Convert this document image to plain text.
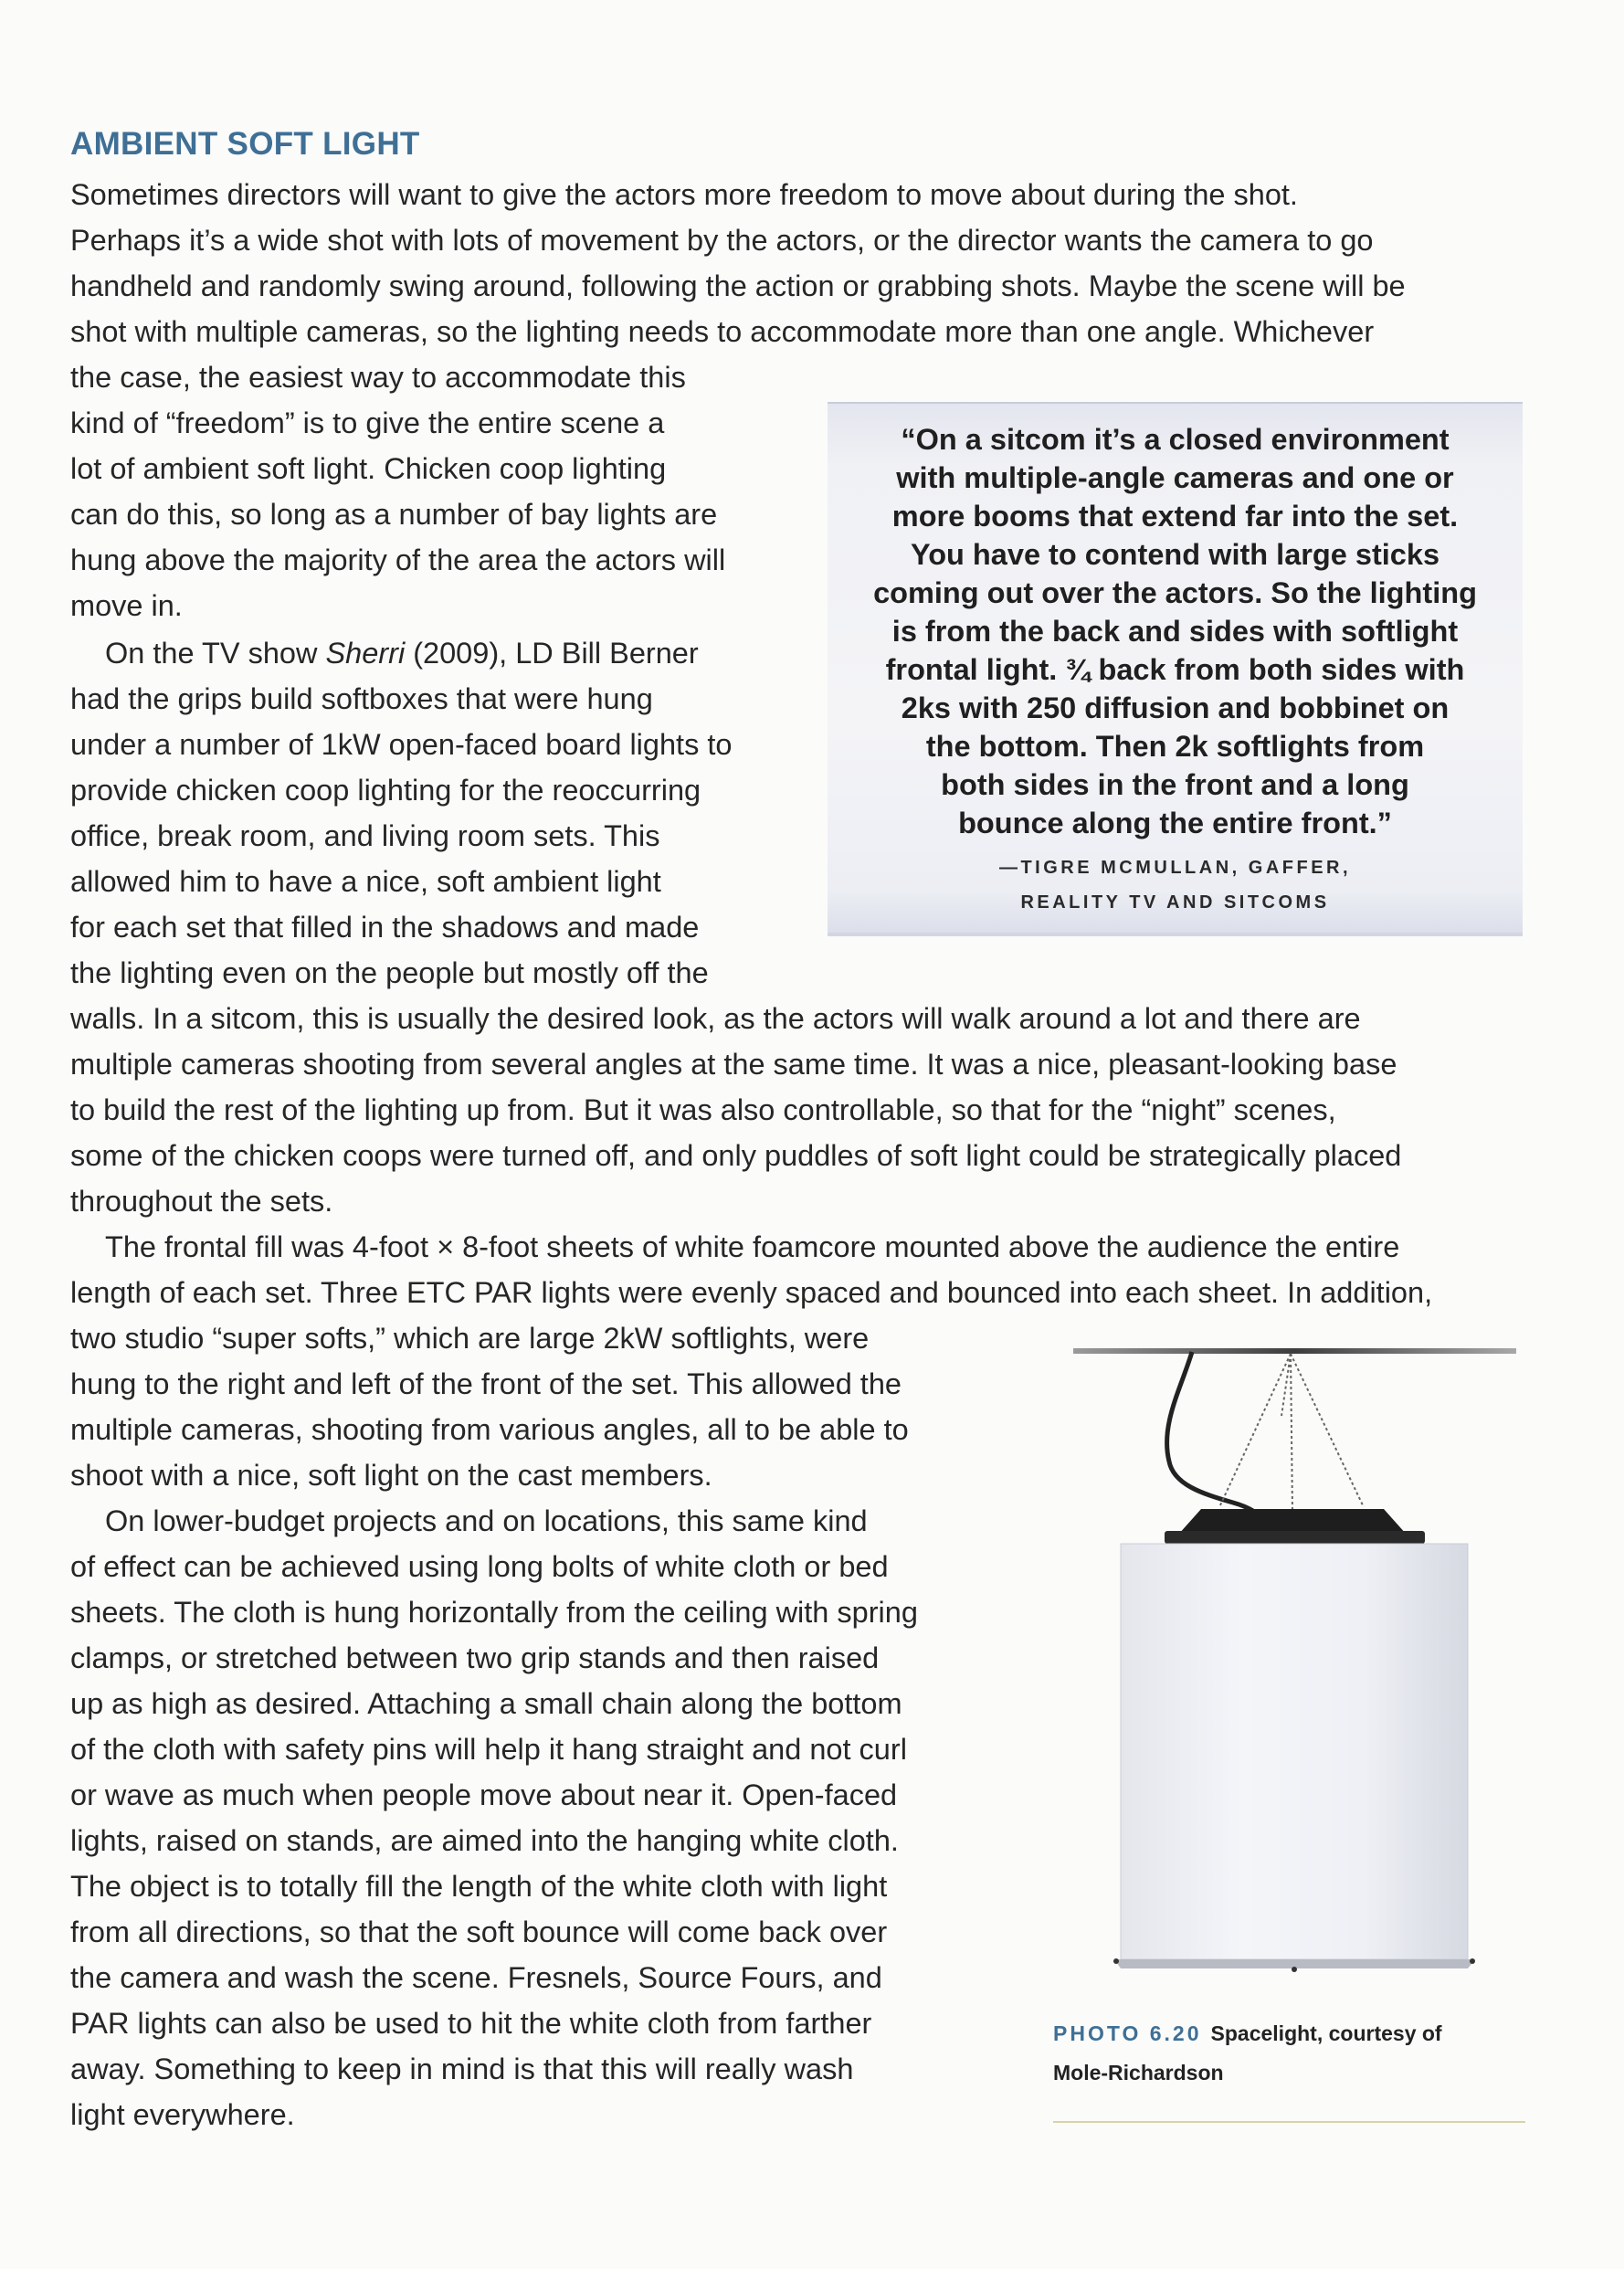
AMBIENT SOFT LIGHT
Sometimes directors will want to give the actors more freedom to move about during the shot.
Perhaps it’s a wide shot with lots of movement by the actors, or the director wants the camera to go
handheld and randomly swing around, following the action or grabbing shots. Maybe the scene will be
shot with multiple cameras, so the lighting needs to accommodate more than one angle. Whichever
the case, the easiest way to accommodate this
kind of “freedom” is to give the entire scene a
lot of ambient soft light. Chicken coop lighting
can do this, so long as a number of bay lights are
hung above the majority of the area the actors will
move in.
On the TV show Sherri (2009), LD Bill Berner
had the grips build softboxes that were hung
under a number of 1kW open-faced board lights to
provide chicken coop lighting for the reoccurring
office, break room, and living room sets. This
allowed him to have a nice, soft ambient light
for each set that filled in the shadows and made
the lighting even on the people but mostly off the
walls. In a sitcom, this is usually the desired look, as the actors will walk around a lot and there are
multiple cameras shooting from several angles at the same time. It was a nice, pleasant-looking base
to build the rest of the lighting up from. But it was also controllable, so that for the “night” scenes,
some of the chicken coops were turned off, and only puddles of soft light could be strategically placed
throughout the sets.
The frontal fill was 4-foot × 8-foot sheets of white foamcore mounted above the audience the entire
length of each set. Three ETC PAR lights were evenly spaced and bounced into each sheet. In addition,
two studio “super softs,” which are large 2kW softlights, were
hung to the right and left of the front of the set. This allowed the
multiple cameras, shooting from various angles, all to be able to
shoot with a nice, soft light on the cast members.
On lower-budget projects and on locations, this same kind
of effect can be achieved using long bolts of white cloth or bed
sheets. The cloth is hung horizontally from the ceiling with spring
clamps, or stretched between two grip stands and then raised
up as high as desired. Attaching a small chain along the bottom
of the cloth with safety pins will help it hang straight and not curl
or wave as much when people move about near it. Open-faced
lights, raised on stands, are aimed into the hanging white cloth.
The object is to totally fill the length of the white cloth with light
from all directions, so that the soft bounce will come back over
the camera and wash the scene. Fresnels, Source Fours, and
PAR lights can also be used to hit the white cloth from farther
away. Something to keep in mind is that this will really wash
light everywhere.
“On a sitcom it’s a closed environment
with multiple-angle cameras and one or
more booms that extend far into the set.
You have to contend with large sticks
coming out over the actors. So the lighting
is from the back and sides with softlight
frontal light. ¾ back from both sides with
2ks with 250 diffusion and bobbinet on
the bottom. Then 2k softlights from
both sides in the front and a long
bounce along the entire front.”
—TIGRE MCMULLAN, GAFFER,
REALITY TV AND SITCOMS
PHOTO 6.20 Spacelight, courtesy of
Mole-Richardson
